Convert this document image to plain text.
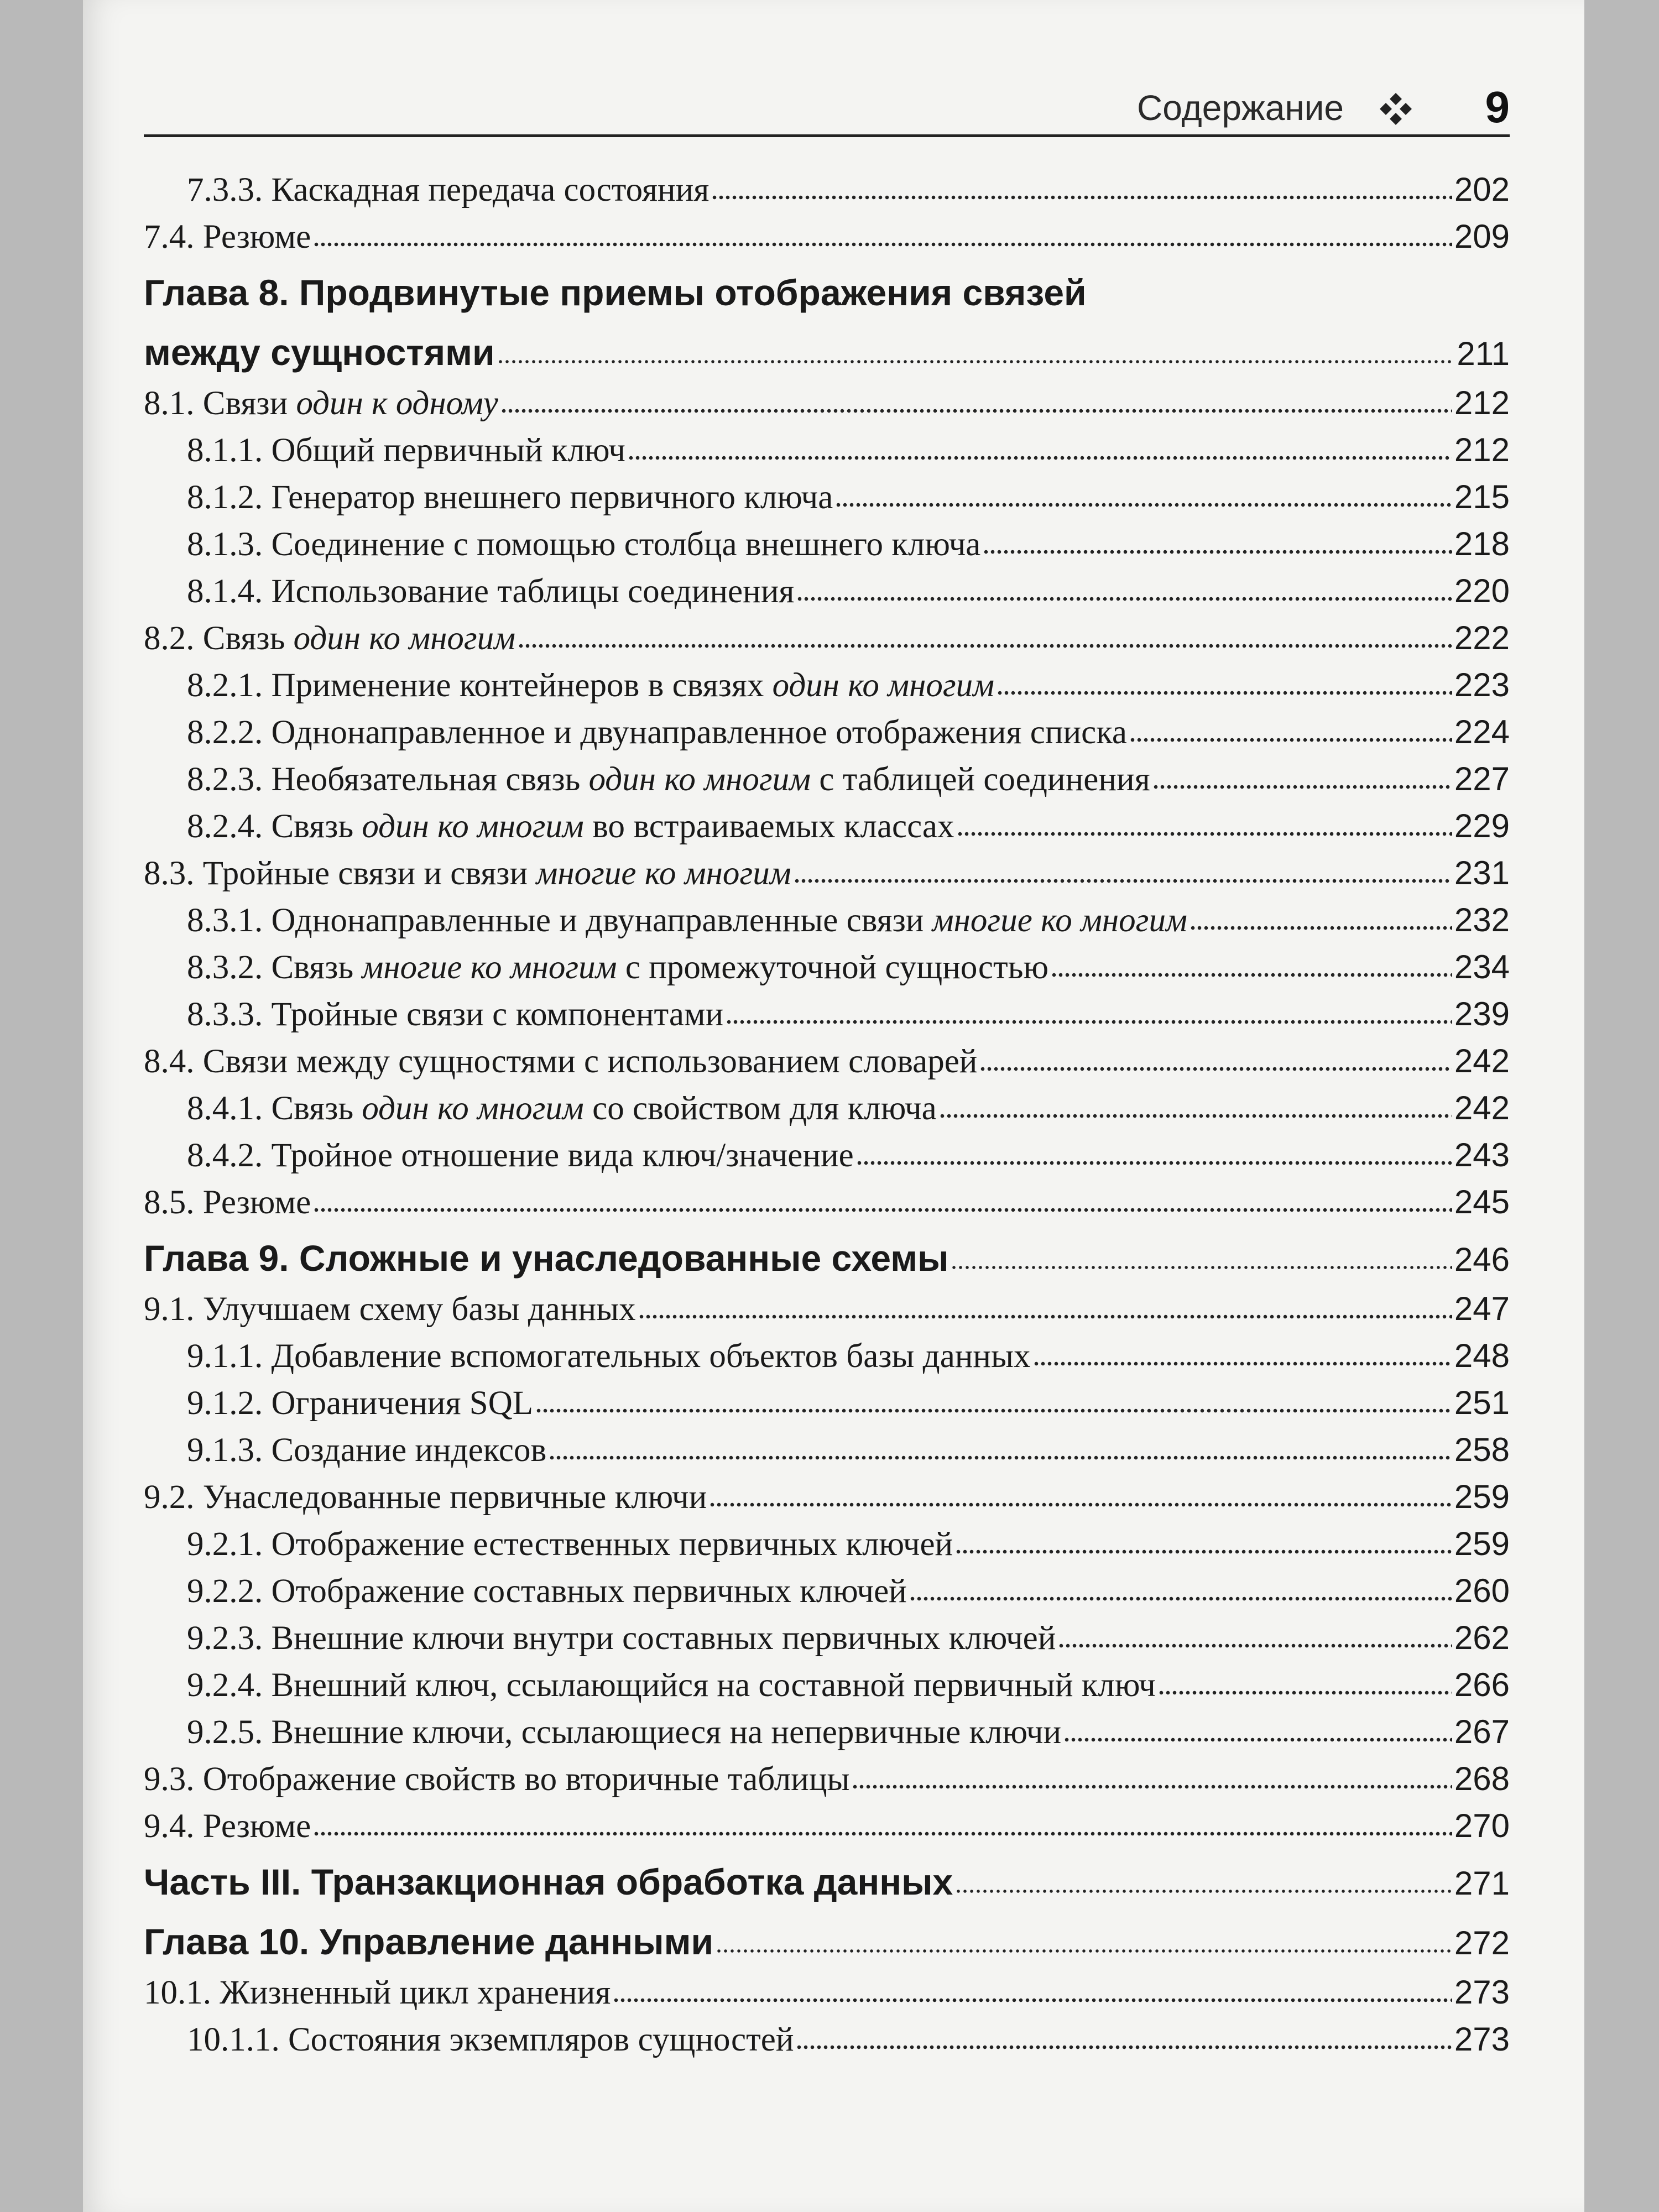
Содержание	9
7.3.3. Каскадная передача состояния	202
7.4. Резюме	209
Глава 8. Продвинутые приемы отображения связей
между сущностями	211
8.1. Связи один к одному	212
8.1.1. Общий первичный ключ	212
8.1.2. Генератор внешнего первичного ключа	215
8.1.3. Соединение с помощью столбца внешнего ключа	218
8.1.4. Использование таблицы соединения	220
8.2. Связь один ко многим	222
8.2.1. Применение контейнеров в связях один ко многим	223
8.2.2. Однонаправленное и двунаправленное отображения списка	224
8.2.3. Необязательная связь один ко многим с таблицей соединения	227
8.2.4. Связь один ко многим во встраиваемых классах	229
8.3. Тройные связи и связи многие ко многим	231
8.3.1. Однонаправленные и двунаправленные связи многие ко многим	232
8.3.2. Связь многие ко многим с промежуточной сущностью	234
8.3.3. Тройные связи с компонентами	239
8.4. Связи между сущностями с использованием словарей	242
8.4.1. Связь один ко многим со свойством для ключа	242
8.4.2. Тройное отношение вида ключ/значение	243
8.5. Резюме	245
Глава 9. Сложные и унаследованные схемы	246
9.1. Улучшаем схему базы данных	247
9.1.1. Добавление вспомогательных объектов базы данных	248
9.1.2. Ограничения SQL	251
9.1.3. Создание индексов	258
9.2. Унаследованные первичные ключи	259
9.2.1. Отображение естественных первичных ключей	259
9.2.2. Отображение составных первичных ключей	260
9.2.3. Внешние ключи внутри составных первичных ключей	262
9.2.4. Внешний ключ, ссылающийся на составной первичный ключ	266
9.2.5. Внешние ключи, ссылающиеся на непервичные ключи	267
9.3. Отображение свойств во вторичные таблицы	268
9.4. Резюме	270
Часть III. Транзакционная обработка данных	271
Глава 10. Управление данными	272
10.1. Жизненный цикл хранения	273
10.1.1. Состояния экземпляров сущностей	273
